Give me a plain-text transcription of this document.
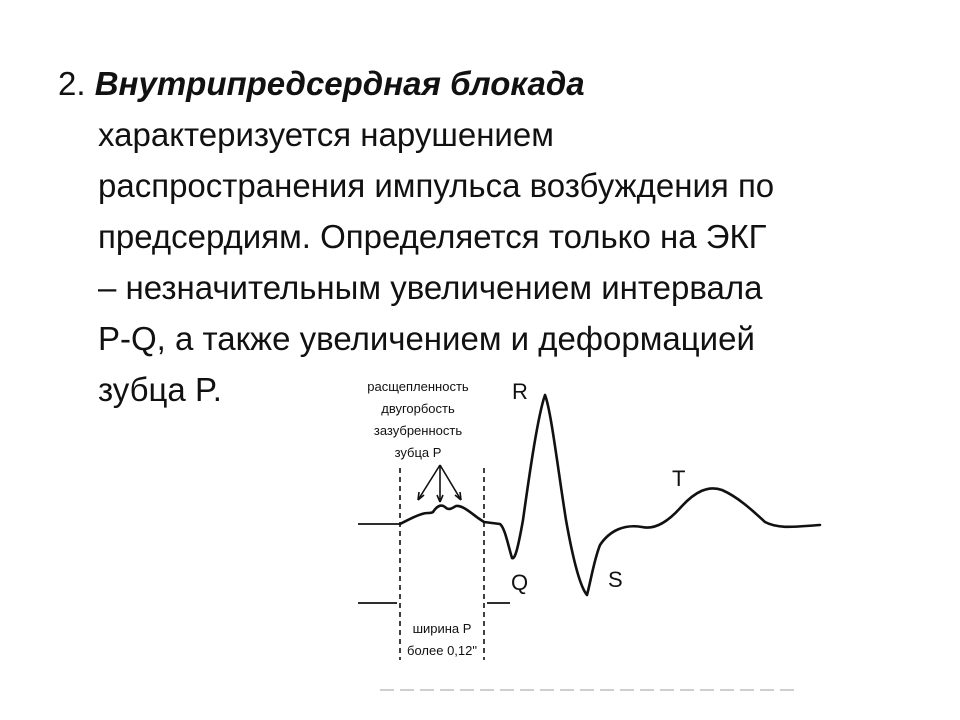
2. Внутрипредсердная блокада
характеризуется нарушением
распространения импульса возбуждения по
предсердиям. Определяется только на ЭКГ
– незначительным увеличением интервала
P-Q, а также увеличением и деформацией
зубца P.	расщепленность
двугорбость
зазубренность
зубца P
R
Q	S
T
ширина P
более 0,12"
